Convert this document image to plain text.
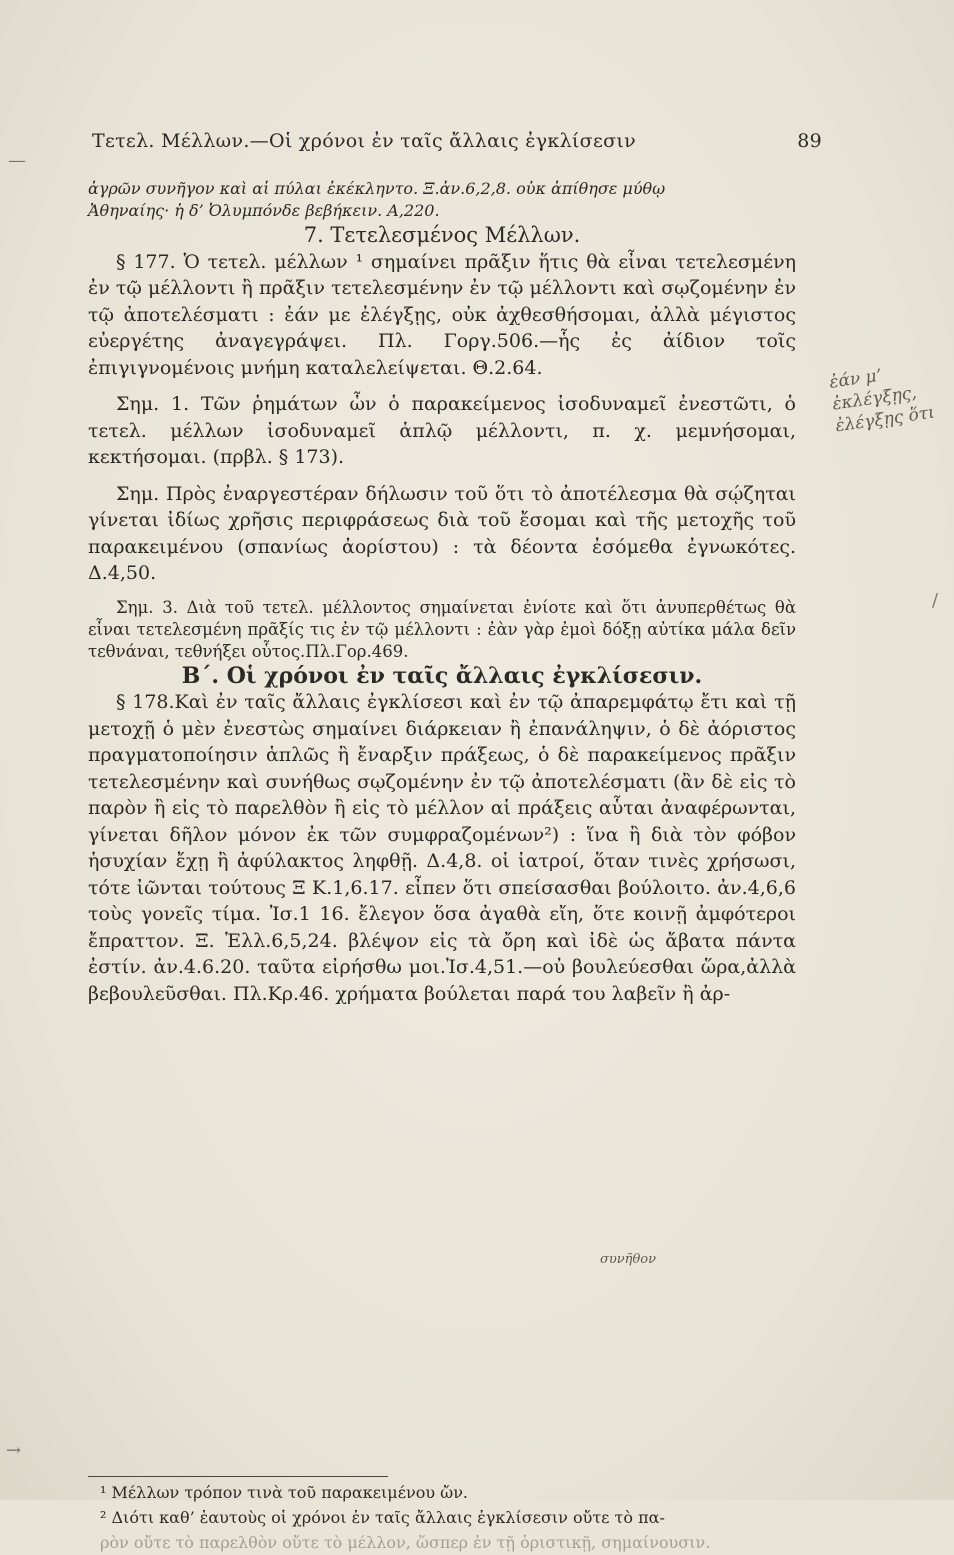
Τετελ. Μέλλων.—Οἱ χρόνοι ἐν ταῖς ἄλλαις ἐγκλίσεσιν	89

ἀγρῶν συνῆγον καὶ αἱ πύλαι ἐκέκληντο. Ξ.ἀν.6,2,8. οὐκ ἀπίθησε μύθῳ

Ἀθηναίης· ἡ δ’ Ὀλυμπόνδε βεβήκειν. Α,220.

7. Τετελεσμένος Μέλλων.

§ 177. Ὁ τετελ. μέλλων ¹ σημαίνει πρᾶξιν ἥτις θὰ εἶναι τετελεσμένη ἐν τῷ μέλλοντι ἢ πρᾶξιν τετελεσμένην ἐν τῷ μέλλοντι καὶ σῳζομένην ἐν τῷ ἀποτελέσματι : ἐάν με ἐλέγξῃς, οὐκ ἀχθεσθήσομαι, ἀλλὰ μέγιστος εὐεργέτης ἀναγεγράψει. Πλ. Γοργ.506.—ἧς ἐς ἀίδιον τοῖς ἐπιγιγνομένοις μνήμη καταλελείψεται. Θ.2.64.

Σημ. 1. Τῶν ῥημάτων ὧν ὁ παρακείμενος ἰσοδυναμεῖ ἐνεστῶτι, ὁ τετελ. μέλλων ἰσοδυναμεῖ ἁπλῷ μέλλοντι, π. χ. μεμνήσομαι, κεκτήσομαι. (πρβλ. § 173).

Σημ. Πρὸς ἐναργεστέραν δήλωσιν τοῦ ὅτι τὸ ἀποτέλεσμα θὰ σῴζηται γίνεται ἰδίως χρῆσις περιφράσεως διὰ τοῦ ἔσομαι καὶ τῆς μετοχῆς τοῦ παρακειμένου (σπανίως ἀορίστου) : τὰ δέοντα ἐσόμεθα ἐγνωκότες. Δ.4,50.

Σημ. 3. Διὰ τοῦ τετελ. μέλλοντος σημαίνεται ἐνίοτε καὶ ὅτι ἀνυπερθέτως θὰ εἶναι τετελεσμένη πρᾶξίς τις ἐν τῷ μέλλοντι : ἐὰν γὰρ ἐμοὶ δόξῃ αὐτίκα μάλα δεῖν τεθνάναι, τεθνήξει οὗτος.Πλ.Γορ.469.

Β΄. Οἱ χρόνοι ἐν ταῖς ἄλλαις ἐγκλίσεσιν.

§ 178.Καὶ ἐν ταῖς ἄλλαις ἐγκλίσεσι καὶ ἐν τῷ ἀπαρεμφάτῳ ἔτι καὶ τῇ μετοχῇ ὁ μὲν ἐνεστὼς σημαίνει διάρκειαν ἢ ἐπανάληψιν, ὁ δὲ ἀόριστος πραγματοποίησιν ἁπλῶς ἢ ἔναρξιν πράξεως, ὁ δὲ παρακείμενος πρᾶξιν τετελεσμένην καὶ συνήθως σῳζομένην ἐν τῷ ἀποτελέσματι (ἂν δὲ εἰς τὸ παρὸν ἢ εἰς τὸ παρελθὸν ἢ εἰς τὸ μέλλον αἱ πράξεις αὗται ἀναφέρωνται, γίνεται δῆλον μόνον ἐκ τῶν συμφραζομένων²) : ἵνα ἢ διὰ τὸν φόβον ἡσυχίαν ἔχῃ ἢ ἀφύλακτος ληφθῇ. Δ.4,8. οἱ ἰατροί, ὅταν τινὲς χρήσωσι, τότε ἰῶνται τούτους Ξ Κ.1,6.17. εἶπεν ὅτι σπείσασθαι βούλοιτο. ἀν.4,6,6 τοὺς γονεῖς τίμα. Ἰσ.1 16. ἔλεγον ὅσα ἀγαθὰ εἴη, ὅτε κοινῇ ἀμφότεροι ἔπραττον. Ξ. Ἑλλ.6,5,24. βλέψον εἰς τὰ ὄρη καὶ ἰδὲ ὡς ἄβατα πάντα ἐστίν. ἀν.4.6.20. ταῦτα εἰρήσθω μοι.Ἰσ.4,51.—οὐ βουλεύεσθαι ὥρα,ἀλλὰ βεβουλεῦσθαι. Πλ.Κρ.46. χρήματα βούλεται παρά του λαβεῖν ἢ ἀρ-

ἐάν μ’ ἐκλέγξῃς, ἐλέγξῃς ὅτι
συνῆθον
—
/
→

¹ Μέλλων τρόπον τινὰ τοῦ παρακειμένου ὤν.

² Διότι καθ’ ἑαυτοὺς οἱ χρόνοι ἐν ταῖς ἄλλαις ἐγκλίσεσιν οὔτε τὸ πα-

ρὸν οὔτε τὸ παρελθὸν οὔτε τὸ μέλλον, ὥσπερ ἐν τῇ ὁριστικῇ, σημαίνουσιν.
